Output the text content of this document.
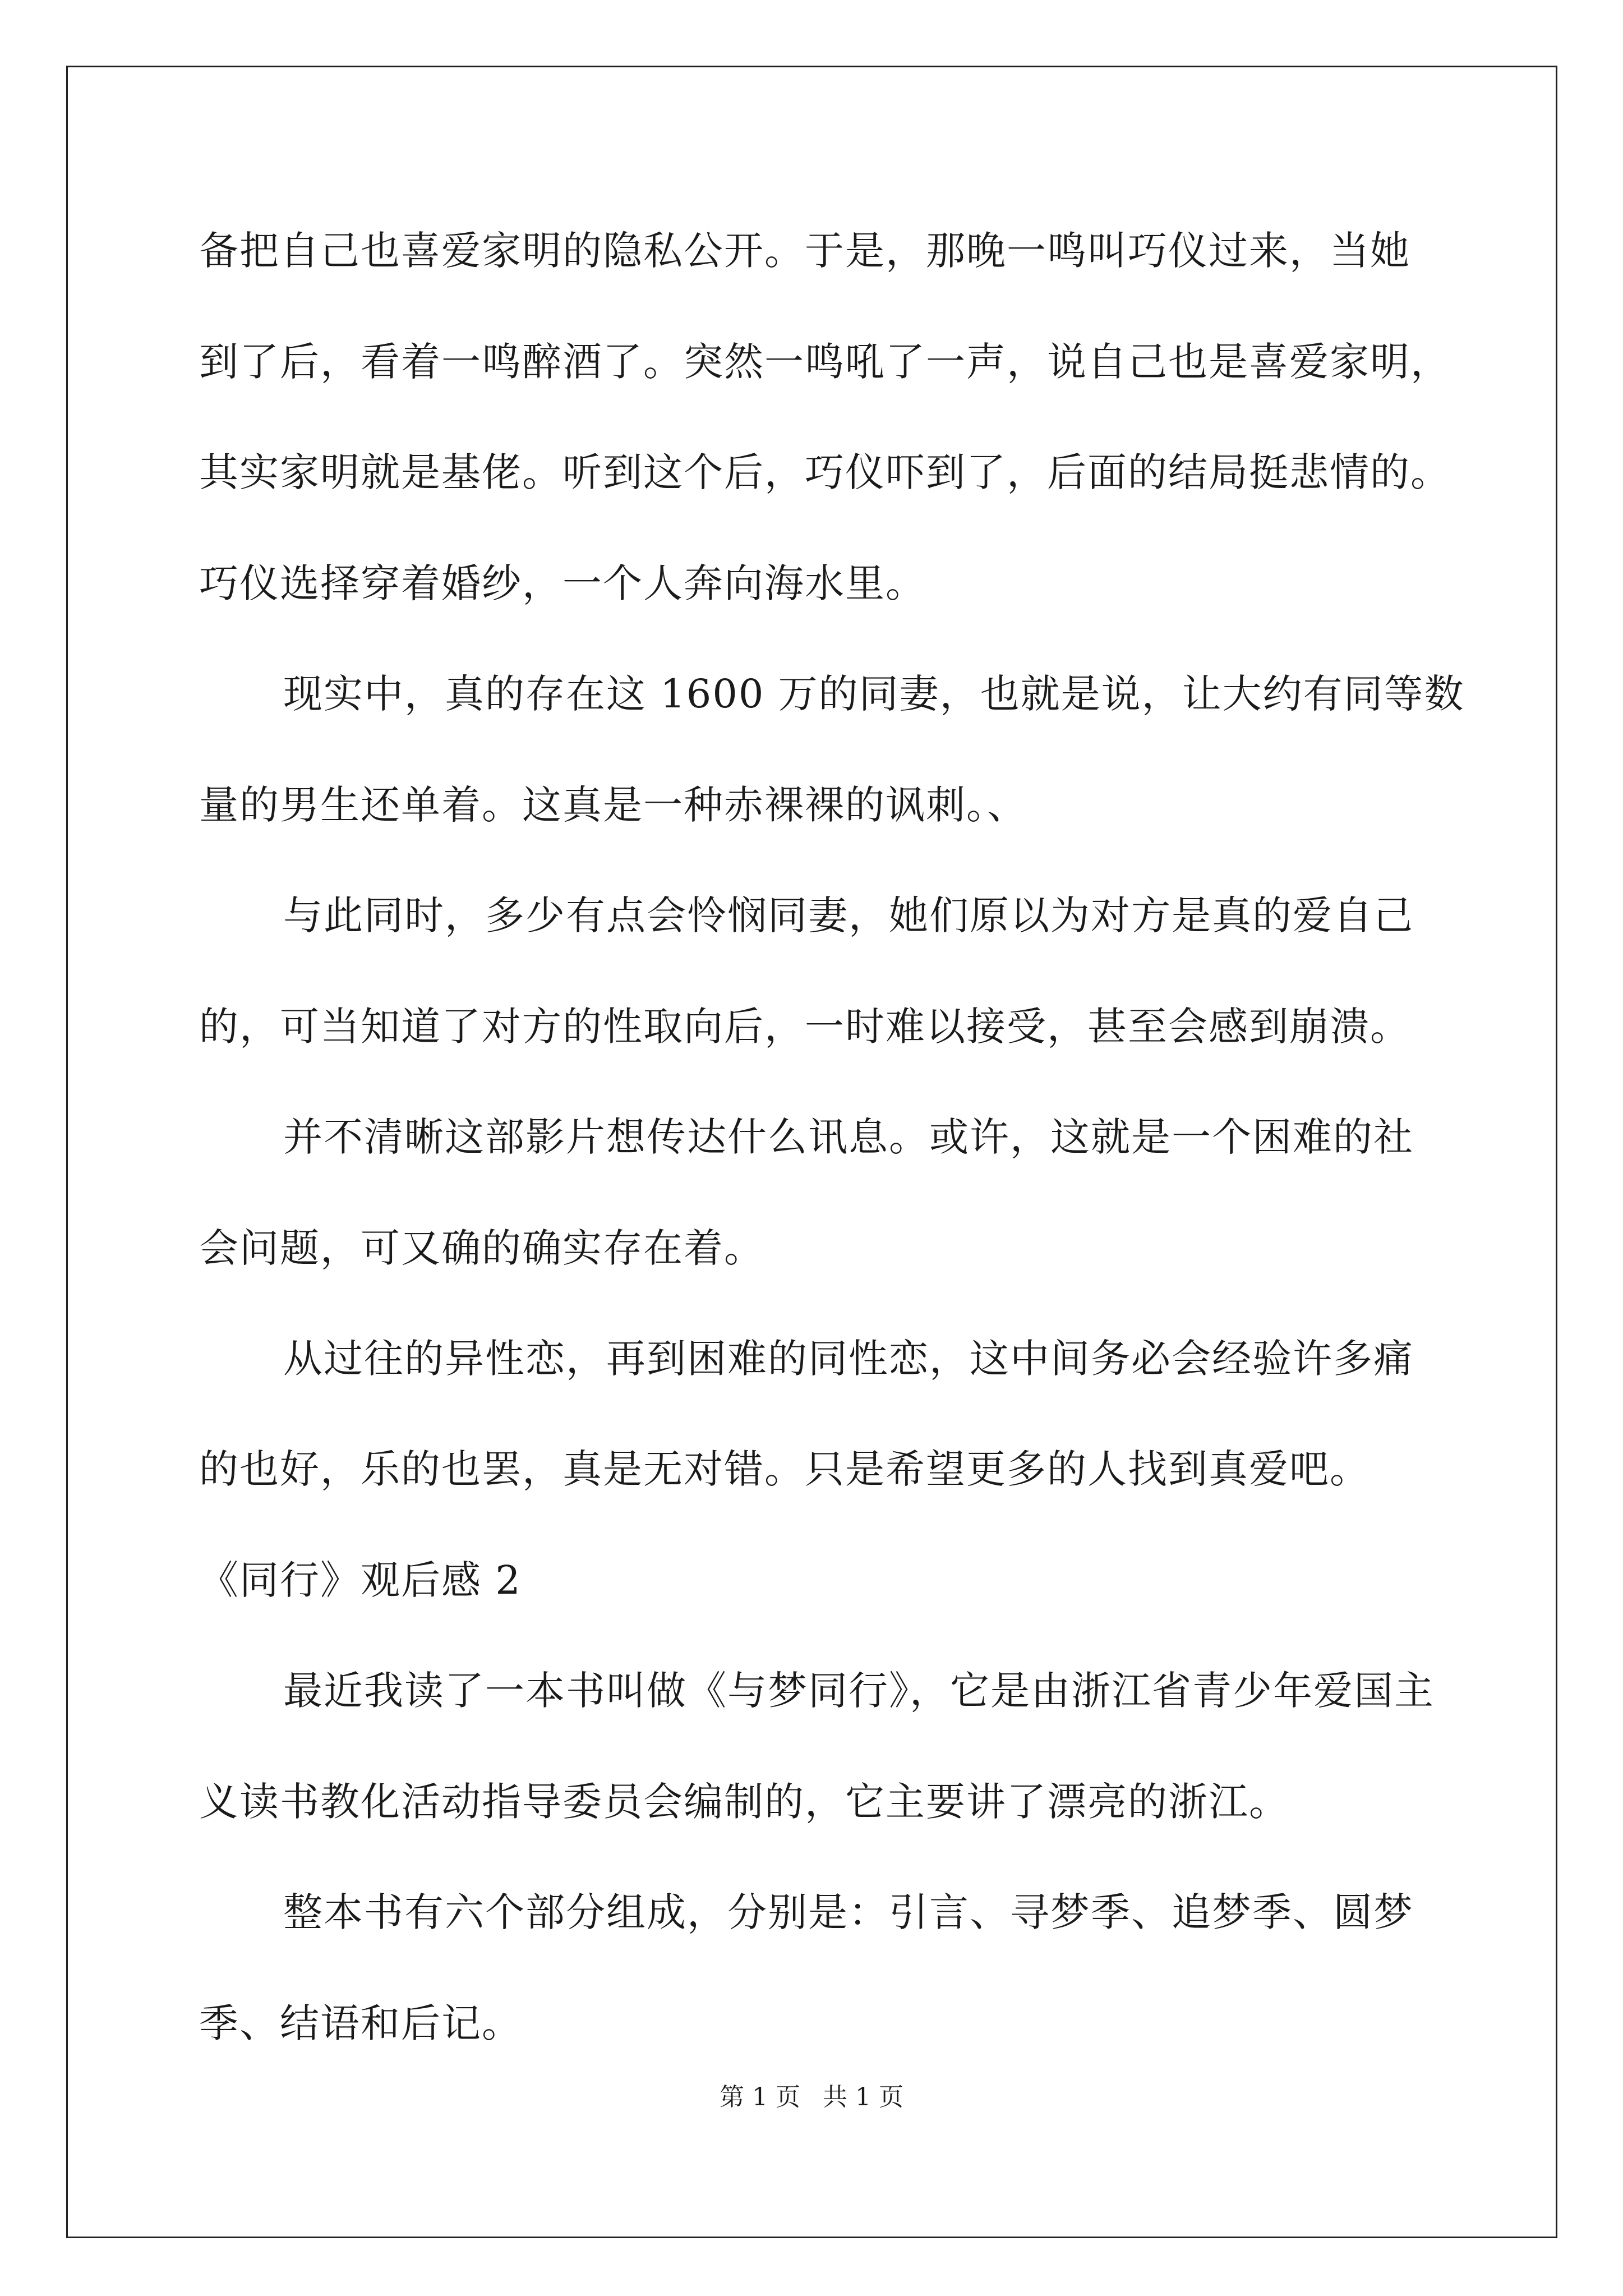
备把自己也喜爱家明的隐私公开。于是，那晚一鸣叫巧仪过来，当她
到了后，看着一鸣醉酒了。突然一鸣吼了一声，说自己也是喜爱家明，
其实家明就是基佬。听到这个后，巧仪吓到了，后面的结局挺悲情的。
巧仪选择穿着婚纱，一个人奔向海水里。
现实中，真的存在这 1600 万的同妻，也就是说，让大约有同等数
量的男生还单着。这真是一种赤裸裸的讽刺。、
与此同时，多少有点会怜悯同妻，她们原以为对方是真的爱自己
的，可当知道了对方的性取向后，一时难以接受，甚至会感到崩溃。
并不清晰这部影片想传达什么讯息。或许，这就是一个困难的社
会问题，可又确的确实存在着。
从过往的异性恋，再到困难的同性恋，这中间务必会经验许多痛
的也好，乐的也罢，真是无对错。只是希望更多的人找到真爱吧。
《同行》观后感 2
最近我读了一本书叫做《与梦同行》，它是由浙江省青少年爱国主
义读书教化活动指导委员会编制的，它主要讲了漂亮的浙江。
整本书有六个部分组成，分别是：引言、寻梦季、追梦季、圆梦
季、结语和后记。
第 1 页 共 1 页
